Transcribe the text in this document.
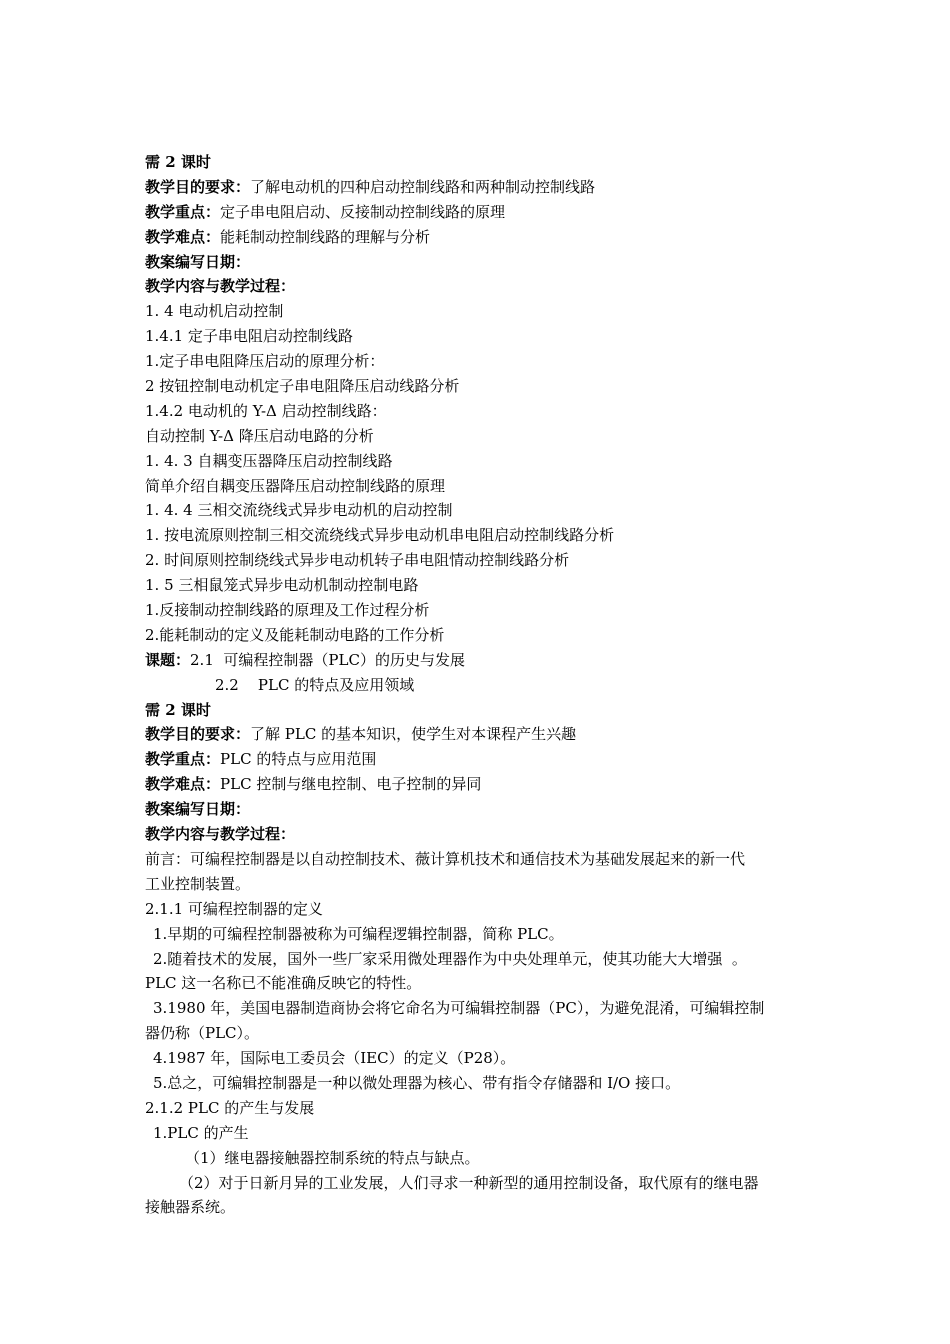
需 2 课时
教学目的要求：了解电动机的四种启动控制线路和两种制动控制线路
教学重点：定子串电阻启动、反接制动控制线路的原理
教学难点：能耗制动控制线路的理解与分析
教案编写日期：
教学内容与教学过程：
1. 4 电动机启动控制
1.4.1 定子串电阻启动控制线路
1.定子串电阻降压启动的原理分析：
2 按钮控制电动机定子串电阻降压启动线路分析
1.4.2 电动机的 Y-Δ 启动控制线路：
自动控制 Y-Δ 降压启动电路的分析
1. 4. 3 自耦变压器降压启动控制线路
简单介绍自耦变压器降压启动控制线路的原理
1. 4. 4 三相交流绕线式异步电动机的启动控制
1. 按电流原则控制三相交流绕线式异步电动机串电阻启动控制线路分析
2. 时间原则控制绕线式异步电动机转子串电阻情动控制线路分析
1. 5 三相鼠笼式异步电动机制动控制电路
1.反接制动控制线路的原理及工作过程分析
2.能耗制动的定义及能耗制动电路的工作分析
课题：2.1  可编程控制器（PLC）的历史与发展
2.2    PLC 的特点及应用领域
需 2 课时
教学目的要求：了解 PLC 的基本知识，使学生对本课程产生兴趣
教学重点：PLC 的特点与应用范围
教学难点：PLC 控制与继电控制、电子控制的异同
教案编写日期：
教学内容与教学过程：
前言：可编程控制器是以自动控制技术、薇计算机技术和通信技术为基础发展起来的新一代
工业控制装置。
2.1.1 可编程控制器的定义
1.早期的可编程控制器被称为可编程逻辑控制器，简称 PLC。
2.随着技术的发展，国外一些厂家采用微处理器作为中央处理单元，使其功能大大增强  。
PLC 这一名称已不能准确反映它的特性。
3.1980 年，美国电器制造商协会将它命名为可编辑控制器（PC），为避免混淆，可编辑控制
器仍称（PLC）。
4.1987 年，国际电工委员会（IEC）的定义（P28）。
5.总之，可编辑控制器是一种以微处理器为核心、带有指令存储器和 I/O 接口。
2.1.2 PLC 的产生与发展
1.PLC 的产生
（1）继电器接触器控制系统的特点与缺点。
（2）对于日新月异的工业发展，人们寻求一种新型的通用控制设备，取代原有的继电器
接触器系统。
